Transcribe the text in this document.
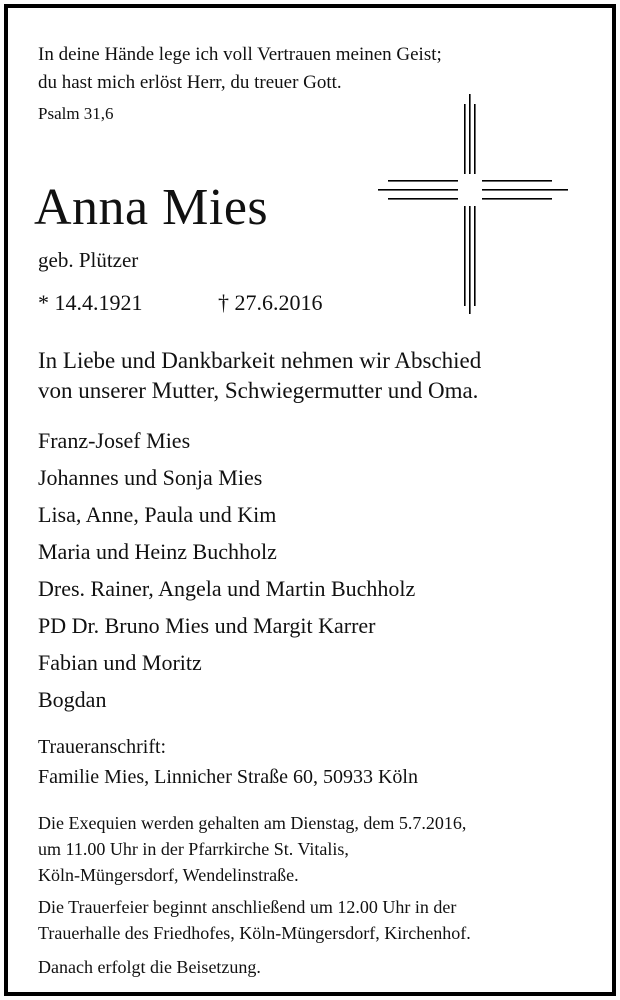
In deine Hände lege ich voll Vertrauen meinen Geist;
du hast mich erlöst Herr, du treuer Gott.
Psalm 31,6
Anna Mies
geb. Plützer
* 14.4.1921	† 27.6.2016
In Liebe und Dankbarkeit nehmen wir Abschied
von unserer Mutter, Schwiegermutter und Oma.
Franz-Josef Mies
Johannes und Sonja Mies
Lisa, Anne, Paula und Kim
Maria und Heinz Buchholz
Dres. Rainer, Angela und Martin Buchholz
PD Dr. Bruno Mies und Margit Karrer
Fabian und Moritz
Bogdan
Traueranschrift:
Familie Mies, Linnicher Straße 60, 50933 Köln
Die Exequien werden gehalten am Dienstag, dem 5.7.2016,
um 11.00 Uhr in der Pfarrkirche St. Vitalis,
Köln-Müngersdorf, Wendelinstraße.
Die Trauerfeier beginnt anschließend um 12.00 Uhr in der
Trauerhalle des Friedhofes, Köln-Müngersdorf, Kirchenhof.
Danach erfolgt die Beisetzung.
